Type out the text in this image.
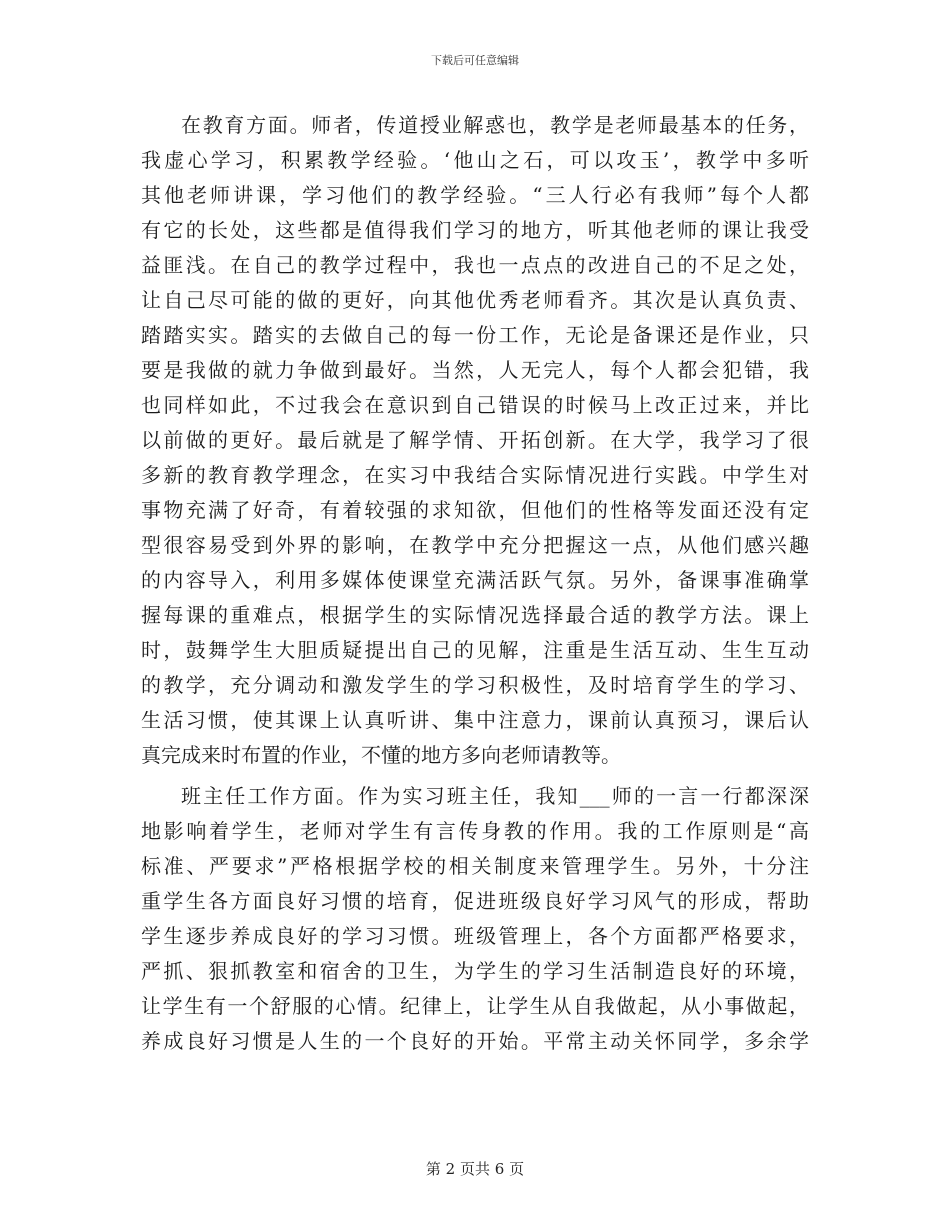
下载后可任意编辑

在教育方面。师者，传道授业解惑也，教学是老师最基本的任务，

我虚心学习，积累教学经验。‘他山之石，可以攻玉’，教学中多听

其他老师讲课，学习他们的教学经验。“三人行必有我师”每个人都

有它的长处，这些都是值得我们学习的地方，听其他老师的课让我受

益匪浅。在自己的教学过程中，我也一点点的改进自己的不足之处，

让自己尽可能的做的更好，向其他优秀老师看齐。其次是认真负责、

踏踏实实。踏实的去做自己的每一份工作，无论是备课还是作业，只

要是我做的就力争做到最好。当然，人无完人，每个人都会犯错，我

也同样如此，不过我会在意识到自己错误的时候马上改正过来，并比

以前做的更好。最后就是了解学情、开拓创新。在大学，我学习了很

多新的教育教学理念，在实习中我结合实际情况进行实践。中学生对

事物充满了好奇，有着较强的求知欲，但他们的性格等发面还没有定

型很容易受到外界的影响，在教学中充分把握这一点，从他们感兴趣

的内容导入，利用多媒体使课堂充满活跃气氛。另外，备课事准确掌

握每课的重难点，根据学生的实际情况选择最合适的教学方法。课上

时，鼓舞学生大胆质疑提出自己的见解，注重是生活互动、生生互动

的教学，充分调动和激发学生的学习积极性，及时培育学生的学习、

生活习惯，使其课上认真听讲、集中注意力，课前认真预习，课后认

真完成来时布置的作业，不懂的地方多向老师请教等。

班主任工作方面。作为实习班主任，我知___师的一言一行都深深

地影响着学生，老师对学生有言传身教的作用。我的工作原则是“高

标准、严要求”严格根据学校的相关制度来管理学生。另外，十分注

重学生各方面良好习惯的培育，促进班级良好学习风气的形成，帮助

学生逐步养成良好的学习习惯。班级管理上，各个方面都严格要求，

严抓、狠抓教室和宿舍的卫生，为学生的学习生活制造良好的环境，

让学生有一个舒服的心情。纪律上，让学生从自我做起，从小事做起，

养成良好习惯是人生的一个良好的开始。平常主动关怀同学，多余学

第 2 页共 6 页
